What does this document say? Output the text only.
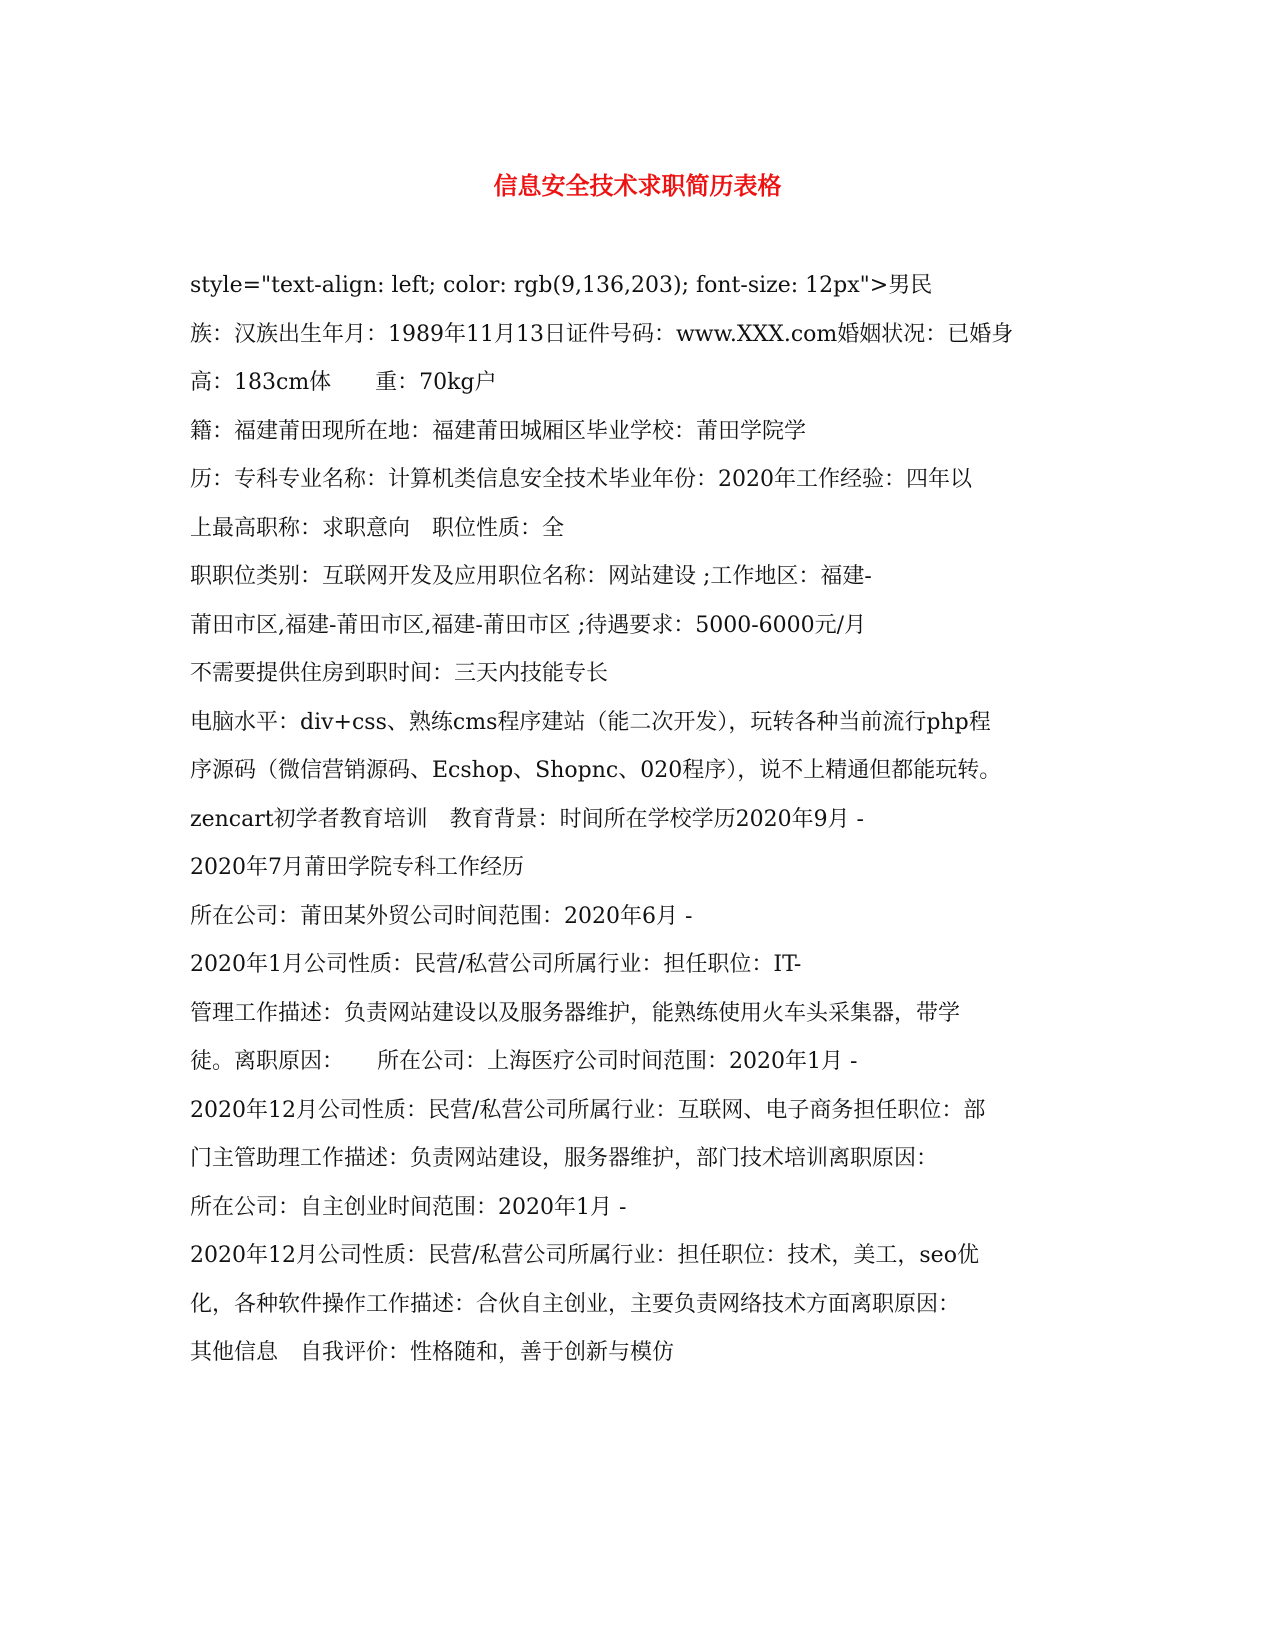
信息安全技术求职简历表格
style="text-align: left; color: rgb(9,136,203); font-size: 12px">男民
族：汉族出生年月：1989年11月13日证件号码：www.XXX.com婚姻状况：已婚身
高：183cm体　　重：70kg户
籍：福建莆田现所在地：福建莆田城厢区毕业学校：莆田学院学
历：专科专业名称：计算机类信息安全技术毕业年份：2020年工作经验：四年以
上最高职称：求职意向　职位性质：全
职职位类别：互联网开发及应用职位名称：网站建设 ;工作地区：福建-
莆田市区,福建-莆田市区,福建-莆田市区 ;待遇要求：5000-6000元/月
不需要提供住房到职时间：三天内技能专长
电脑水平：div+css、熟练cms程序建站（能二次开发），玩转各种当前流行php程
序源码（微信营销源码、Ecshop、Shopnc、020程序），说不上精通但都能玩转。
zencart初学者教育培训　教育背景：时间所在学校学历2020年9月 -
2020年7月莆田学院专科工作经历
所在公司：莆田某外贸公司时间范围：2020年6月 -
2020年1月公司性质：民营/私营公司所属行业：担任职位：IT-
管理工作描述：负责网站建设以及服务器维护，能熟练使用火车头采集器，带学
徒。离职原因：　　所在公司：上海医疗公司时间范围：2020年1月 -
2020年12月公司性质：民营/私营公司所属行业：互联网、电子商务担任职位：部
门主管助理工作描述：负责网站建设，服务器维护，部门技术培训离职原因：
所在公司：自主创业时间范围：2020年1月 -
2020年12月公司性质：民营/私营公司所属行业：担任职位：技术，美工，seo优
化，各种软件操作工作描述：合伙自主创业，主要负责网络技术方面离职原因：
其他信息　自我评价：性格随和，善于创新与模仿
